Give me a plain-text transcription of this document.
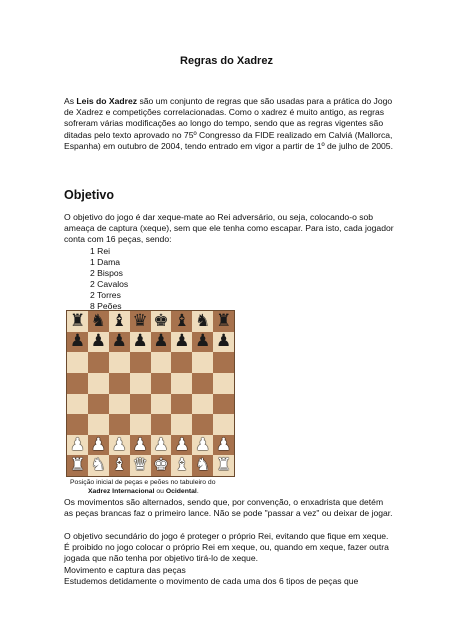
Regras do Xadrez

As Leis do Xadrez são um conjunto de regras que são usadas para a prática do Jogo de Xadrez e competições correlacionadas. Como o xadrez é muito antigo, as regras sofreram várias modificações ao longo do tempo, sendo que as regras vigentes são ditadas pelo texto aprovado no 75º Congresso da FIDE realizado em Calviá (Mallorca, Espanha) em outubro de 2004, tendo entrado em vigor a partir de 1º de julho de 2005.

Objetivo

O objetivo do jogo é dar xeque-mate ao Rei adversário, ou seja, colocando-o sob ameaça de captura (xeque), sem que ele tenha como escapar. Para isto, cada jogador conta com 16 peças, sendo:

1 Rei
1 Dama
2 Bispos
2 Cavalos
2 Torres
8 Peões
♜ ♞ ♝ ♛ ♚ ♝ ♞ ♜
♟ ♟ ♟ ♟ ♟ ♟ ♟ ♟
♟ ♟ ♟ ♟ ♟ ♟ ♟ ♟
♜ ♞ ♝ ♛ ♚ ♝ ♞ ♜
Posição inicial de peças e peões no tabuleiro do
Xadrez Internacional ou Ocidental.

Os movimentos são alternados, sendo que, por convenção, o enxadrista que detém as peças brancas faz o primeiro lance. Não se pode "passar a vez" ou deixar de jogar.

O objetivo secundário do jogo é proteger o próprio Rei, evitando que fique em xeque. É proibido no jogo colocar o próprio Rei em xeque, ou, quando em xeque, fazer outra jogada que não tenha por objetivo tirá-lo de xeque.

Movimento e captura das peças

Estudemos detidamente o movimento de cada uma dos 6 tipos de peças que
